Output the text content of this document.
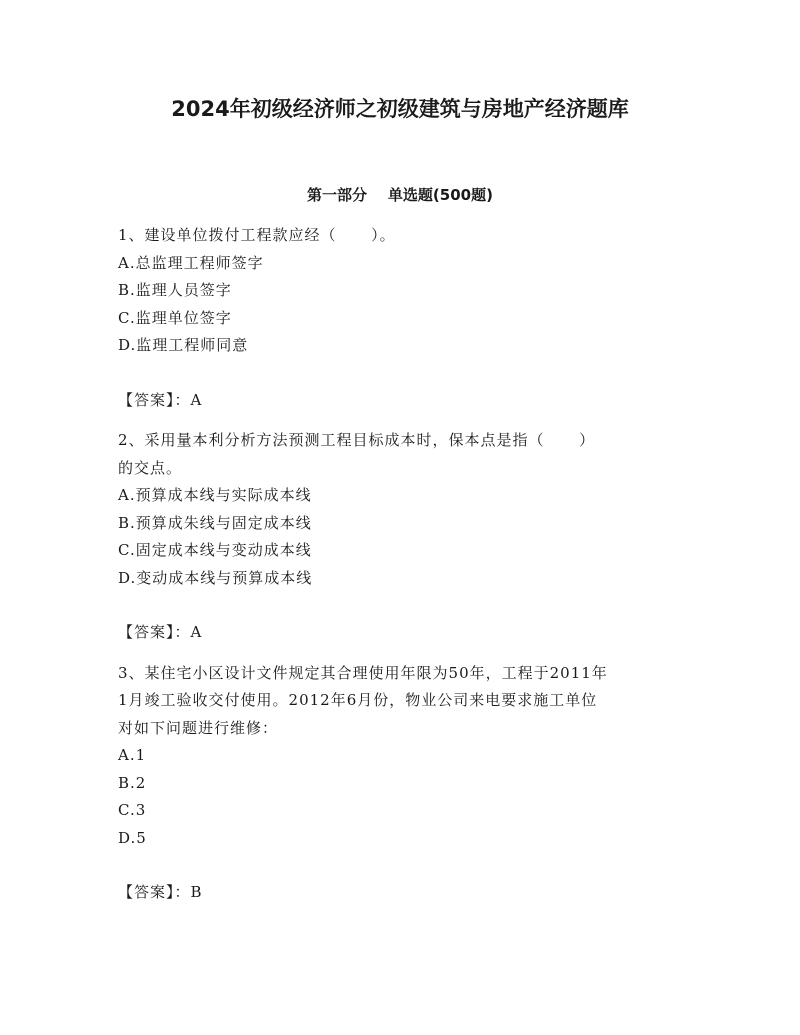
2024年初级经济师之初级建筑与房地产经济题库
第一部分    单选题(500题)

1、建设单位拨付工程款应经（      ）。

A.总监理工程师签字
B.监理人员签字
C.监理单位签字
D.监理工程师同意

【答案】：A

2、采用量本利分析方法预测工程目标成本时，保本点是指（      ）

的交点。

A.预算成本线与实际成本线
B.预算成朱线与固定成本线
C.固定成本线与变动成本线
D.变动成本线与预算成本线

【答案】：A

3、某住宅小区设计文件规定其合理使用年限为50年，工程于2011年

1月竣工验收交付使用。2012年6月份，物业公司来电要求施工单位

对如下问题进行维修：

A.1
B.2
C.3
D.5

【答案】：B
